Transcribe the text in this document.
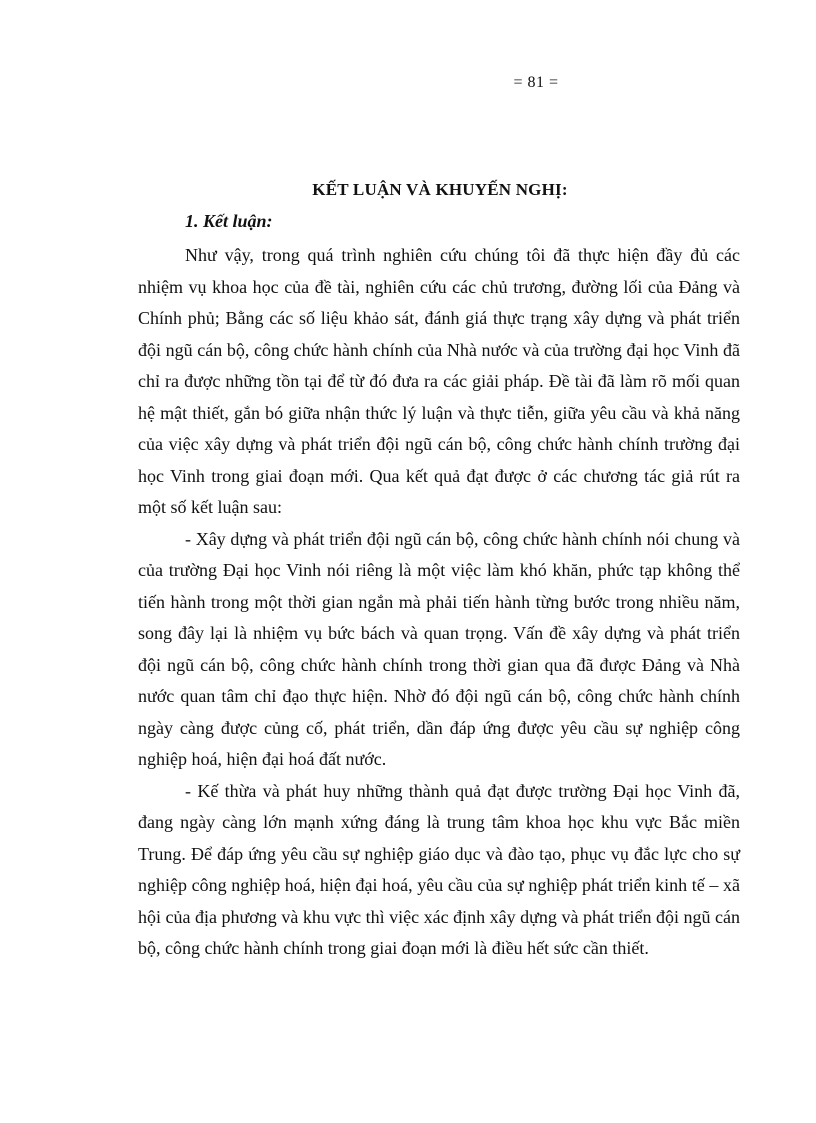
= 81 =
KẾT LUẬN VÀ KHUYẾN NGHỊ:
1. Kết luận:

Như vậy, trong quá trình nghiên cứu chúng tôi đã thực hiện đầy đủ các nhiệm vụ khoa học của đề tài, nghiên cứu các chủ trương, đường lối của Đảng và Chính phủ; Bằng các số liệu khảo sát, đánh giá thực trạng xây dựng và phát triển đội ngũ cán bộ, công chức hành chính của Nhà nước và của trường đại học Vinh đã chỉ ra được những tồn tại để từ đó đưa ra các giải pháp. Đề tài đã làm rõ mối quan hệ mật thiết, gắn bó giữa nhận thức lý luận và thực tiễn, giữa yêu cầu và khả năng của việc xây dựng và phát triển đội ngũ cán bộ, công chức hành chính trường đại học Vinh trong giai đoạn mới. Qua kết quả đạt được ở các chương tác giả rút ra một số kết luận sau:

- Xây dựng và phát triển đội ngũ cán bộ, công chức hành chính nói chung và của trường Đại học Vinh nói riêng là một việc làm khó khăn, phức tạp không thể tiến hành trong một thời gian ngắn mà phải tiến hành từng bước trong nhiều năm, song đây lại là nhiệm vụ bức bách và quan trọng. Vấn đề xây dựng và phát triển đội ngũ cán bộ, công chức hành chính trong thời gian qua đã được Đảng và Nhà nước quan tâm chỉ đạo thực hiện. Nhờ đó đội ngũ cán bộ, công chức hành chính ngày càng được củng cố, phát triển, dần đáp ứng được yêu cầu sự nghiệp công nghiệp hoá, hiện đại hoá đất nước.

- Kế thừa và phát huy những thành quả đạt được trường Đại học Vinh đã, đang ngày càng lớn mạnh xứng đáng là trung tâm khoa học khu vực Bắc miền Trung. Để đáp ứng yêu cầu sự nghiệp giáo dục và đào tạo, phục vụ đắc lực cho sự nghiệp công nghiệp hoá, hiện đại hoá, yêu cầu của sự nghiệp phát triển kinh tế – xã hội của địa phương và khu vực thì việc xác định xây dựng và phát triển đội ngũ cán bộ, công chức hành chính trong giai đoạn mới là điều hết sức cần thiết.
